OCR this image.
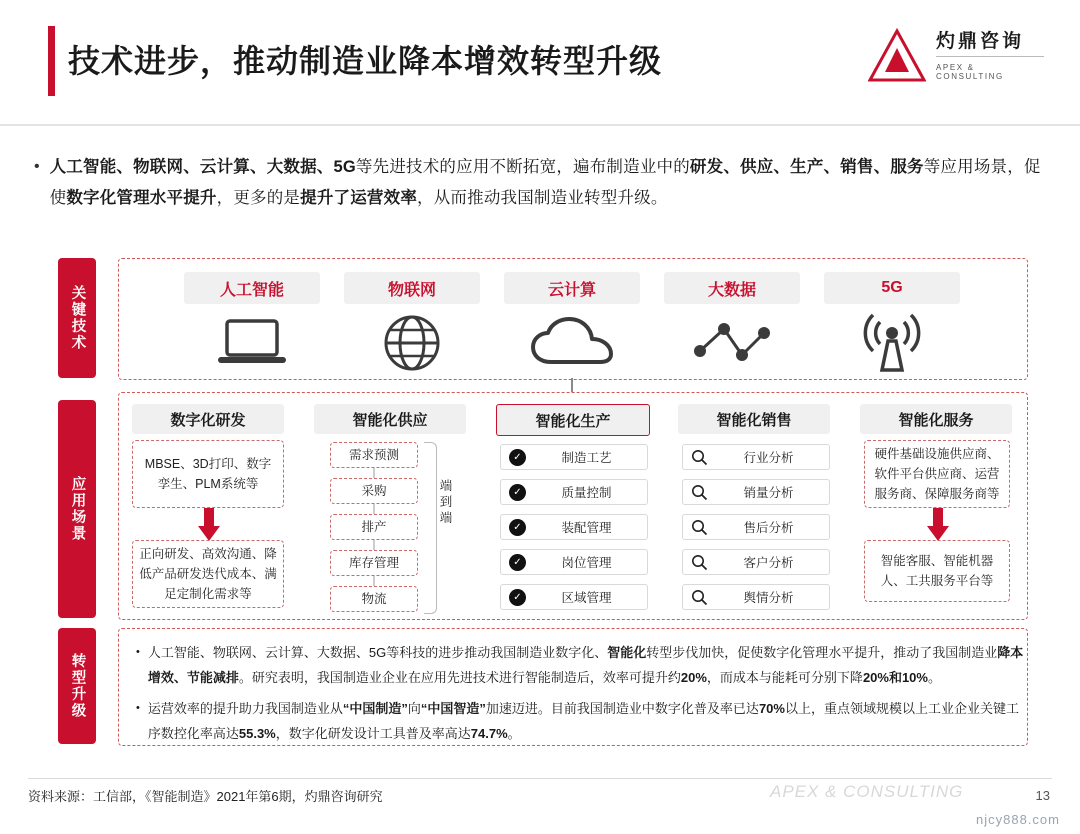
技术进步，推动制造业降本增效转型升级
灼鼎咨询
APEX & CONSULTING
• 人工智能、物联网、云计算、大数据、5G等先进技术的应用不断拓宽，遍布制造业中的研发、供应、生产、销售、服务等应用场景，促使数字化管理水平提升，更多的是提升了运营效率，从而推动我国制造业转型升级。
关键技术	人工智能	物联网	云计算	大数据	5G
应用场景
数字化研发	智能化供应	智能化生产	智能化销售	智能化服务
MBSE、3D打印、数字孪生、PLM系统等
正向研发、高效沟通、降低产品研发迭代成本、满足定制化需求等
需求预测
采购
排产
库存管理
物流
端到端
✓	制造工艺
✓	质量控制
✓	装配管理
✓	岗位管理
✓	区域管理
行业分析
销量分析
售后分析
客户分析
舆情分析
硬件基础设施供应商、软件平台供应商、运营服务商、保障服务商等
智能客服、智能机器人、工共服务平台等
转型升级
• 人工智能、物联网、云计算、大数据、5G等科技的进步推动我国制造业数字化、智能化转型步伐加快，促使数字化管理水平提升，推动了我国制造业降本增效、节能减排。研究表明，我国制造业企业在应用先进技术进行智能制造后，效率可提升约20%，而成本与能耗可分别下降20%和10%。
• 运营效率的提升助力我国制造业从“中国制造”向“中国智造”加速迈进。目前我国制造业中数字化普及率已达70%以上，重点领域规模以上工业企业关键工序数控化率高达55.3%，数字化研发设计工具普及率高达74.7%。
资料来源：工信部，《智能制造》2021年第6期，灼鼎咨询研究	APEX & CONSULTING	13
njcy888.com
